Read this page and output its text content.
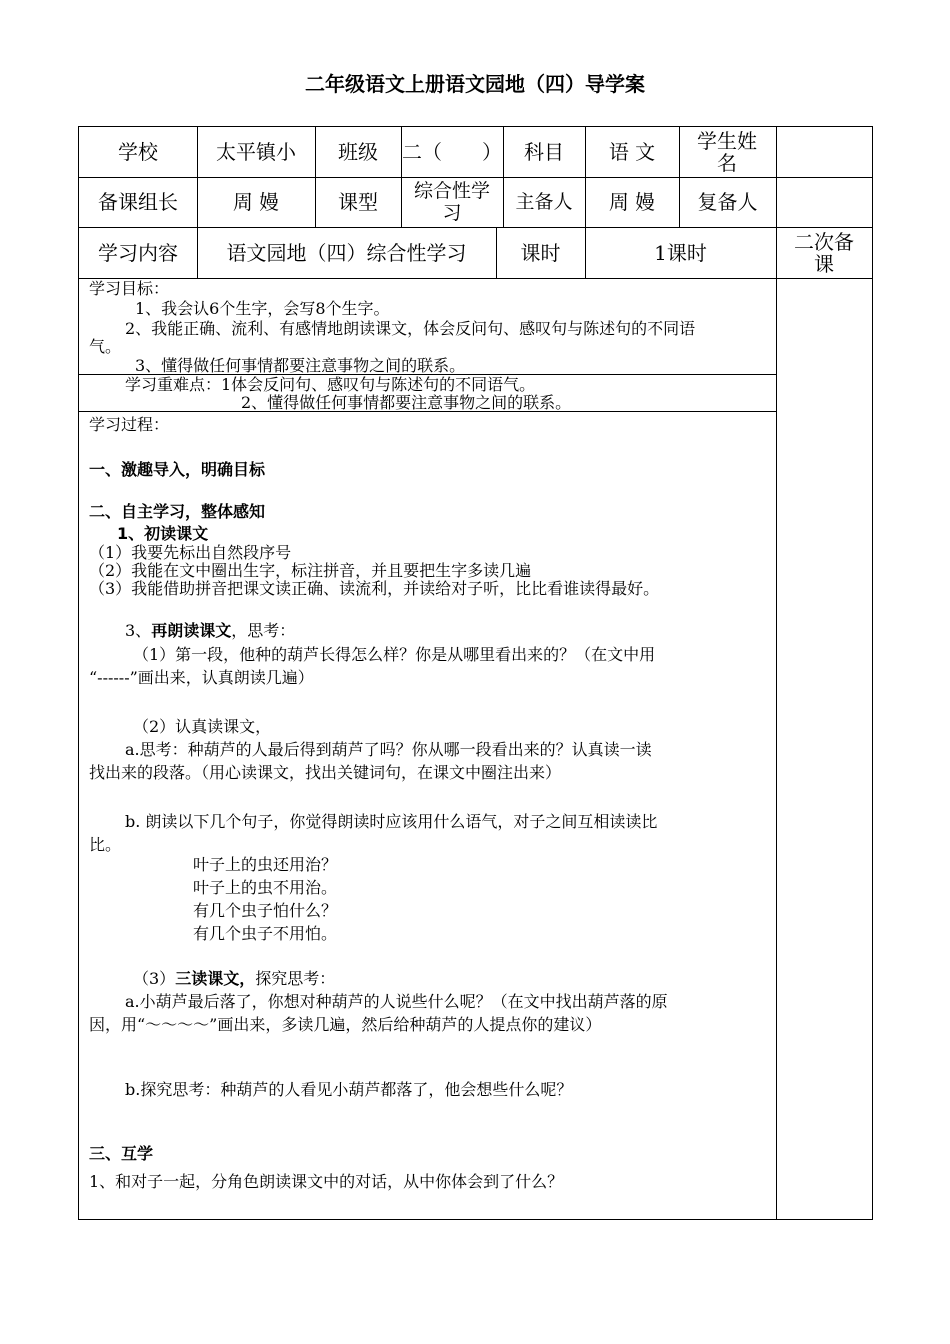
二年级语文上册语文园地（四）导学案
学校	太平镇小	班级	二（　　）	科目	语 文	学生姓名
备课组长	周 嫚	课型	综合性学习	主备人	周 嫚	复备人
学习内容	语文园地（四）综合性学习	课时	1课时	二次备课
学习目标：
1、我会认6个生字，会写8个生字。
2、我能正确、流利、有感情地朗读课文，体会反问句、感叹句与陈述句的不同语
气。
3、懂得做任何事情都要注意事物之间的联系。
学习重难点：1体会反问句、感叹句与陈述句的不同语气。
2、懂得做任何事情都要注意事物之间的联系。
学习过程：
一、激趣导入，明确目标
二、自主学习，整体感知
1、初读课文
（1）我要先标出自然段序号
（2）我能在文中圈出生字，标注拼音，并且要把生字多读几遍
（3）我能借助拼音把课文读正确、读流利，并读给对子听，比比看谁读得最好。
3、再朗读课文，思考：
（1）第一段，他种的葫芦长得怎么样？你是从哪里看出来的？（在文中用
“------”画出来，认真朗读几遍）
（2）认真读课文，
a.思考：种葫芦的人最后得到葫芦了吗？你从哪一段看出来的？认真读一读
找出来的段落。（用心读课文，找出关键词句，在课文中圈注出来）
b. 朗读以下几个句子，你觉得朗读时应该用什么语气，对子之间互相读读比
比。
叶子上的虫还用治？
叶子上的虫不用治。
有几个虫子怕什么？
有几个虫子不用怕。
（3）三读课文，探究思考：
a.小葫芦最后落了，你想对种葫芦的人说些什么呢？（在文中找出葫芦落的原
因，用“～～～～”画出来，多读几遍，然后给种葫芦的人提点你的建议）
b.探究思考：种葫芦的人看见小葫芦都落了，他会想些什么呢？
三、互学
1、和对子一起，分角色朗读课文中的对话，从中你体会到了什么？
